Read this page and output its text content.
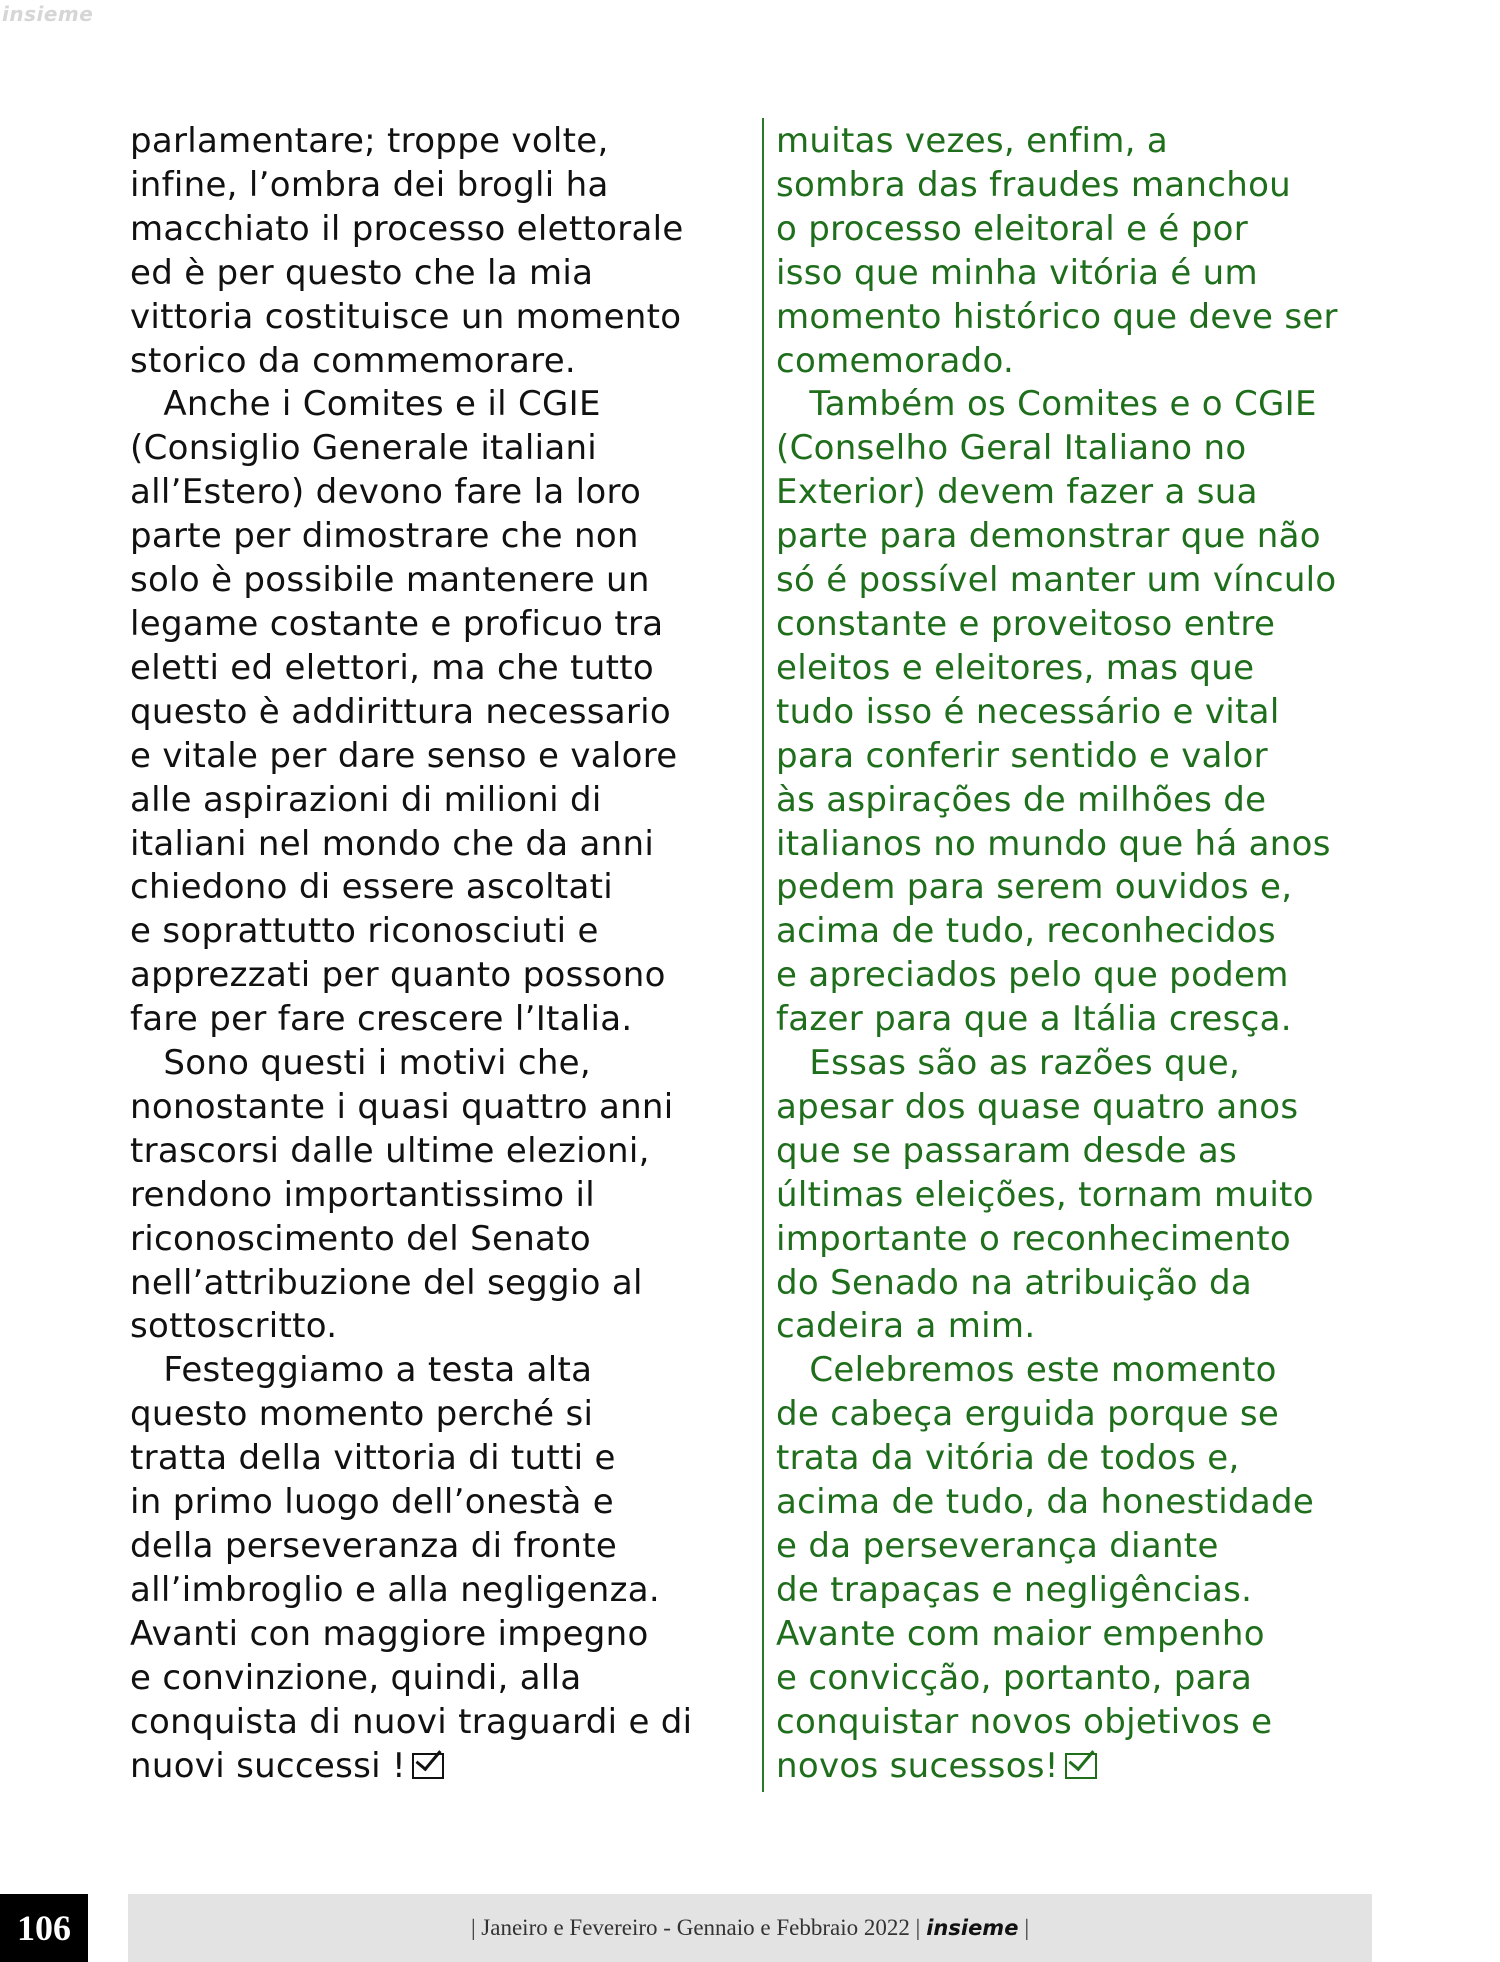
insieme

parlamentare; troppe volte,

infine, l’ombra dei brogli ha

macchiato il processo elettorale

ed è per questo che la mia

vittoria costituisce un momento

storico da commemorare.

Anche i Comites e il CGIE

(Consiglio Generale italiani

all’Estero) devono fare la loro

parte per dimostrare che non

solo è possibile mantenere un

legame costante e proficuo tra

eletti ed elettori, ma che tutto

questo è addirittura necessario

e vitale per dare senso e valore

alle aspirazioni di milioni di

italiani nel mondo che da anni

chiedono di essere ascoltati

e soprattutto riconosciuti e

apprezzati per quanto possono

fare per fare crescere l’Italia.

Sono questi i motivi che,

nonostante i quasi quattro anni

trascorsi dalle ultime elezioni,

rendono importantissimo il

riconoscimento del Senato

nell’attribuzione del seggio al

sottoscritto.

Festeggiamo a testa alta

questo momento perché si

tratta della vittoria di tutti e

in primo luogo dell’onestà e

della perseveranza di fronte

all’imbroglio e alla negligenza.

Avanti con maggiore impegno

e convinzione, quindi, alla

conquista di nuovi traguardi e di

nuovi successi !

muitas vezes, enfim, a

sombra das fraudes manchou

o processo eleitoral e é por

isso que minha vitória é um

momento histórico que deve ser

comemorado.

Também os Comites e o CGIE

(Conselho Geral Italiano no

Exterior) devem fazer a sua

parte para demonstrar que não

só é possível manter um vínculo

constante e proveitoso entre

eleitos e eleitores, mas que

tudo isso é necessário e vital

para conferir sentido e valor

às aspirações de milhões de

italianos no mundo que há anos

pedem para serem ouvidos e,

acima de tudo, reconhecidos

e apreciados pelo que podem

fazer para que a Itália cresça.

Essas são as razões que,

apesar dos quase quatro anos

que se passaram desde as

últimas eleições, tornam muito

importante o reconhecimento

do Senado na atribuição da

cadeira a mim.

Celebremos este momento

de cabeça erguida porque se

trata da vitória de todos e,

acima de tudo, da honestidade

e da perseverança diante

de trapaças e negligências.

Avante com maior empenho

e convicção, portanto, para

conquistar novos objetivos e

novos sucessos!

106	| Janeiro e Fevereiro - Gennaio e Febbraio 2022 | insieme |
